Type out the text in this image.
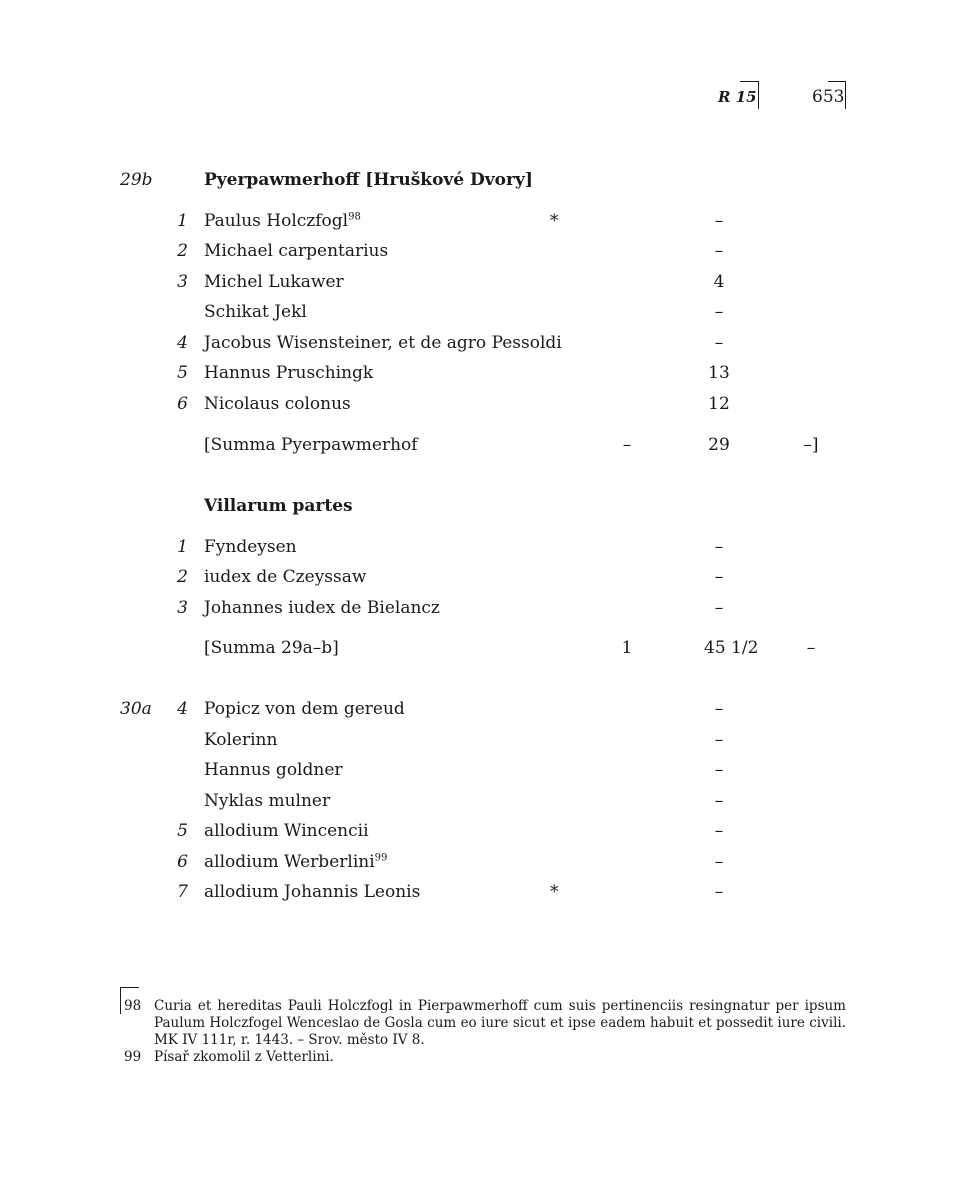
R 15	653
29b	Pyerpawmerhoff [Hruškové Dvory]
1 Paulus Holczfogl$^{98}$	*	–
2 Michael carpentarius	–
3 Michel Lukawer	4
Schikat Jekl	–
4 Jacobus Wisensteiner, et de agro Pessoldi	–
5 Hannus Pruschingk	13
6 Nicolaus colonus	12
[Summa Pyerpawmerhof	–	29	–]
Villarum partes
1 Fyndeysen	–
2 iudex de Czeyssaw	–
3 Johannes iudex de Bielancz	–
[Summa 29a–b]	1	45 1/2	–
30a	4 Popicz von dem gereud	–
Kolerinn	–
Hannus goldner	–
Nyklas mulner	–
5 allodium Wincencii	–
6 allodium Werberlini$^{99}$	–
7 allodium Johannis Leonis	*	–
98 Curia et hereditas Pauli Holczfogl in Pierpawmerhoff cum suis pertinenciis resingnatur per ipsum Paulum Holczfogel Wenceslao de Gosla cum eo iure sicut et ipse eadem habuit et possedit iure civili. MK IV 111r, r. 1443. – Srov. město IV 8.
99 Písař zkomolil z Vetterlini.
